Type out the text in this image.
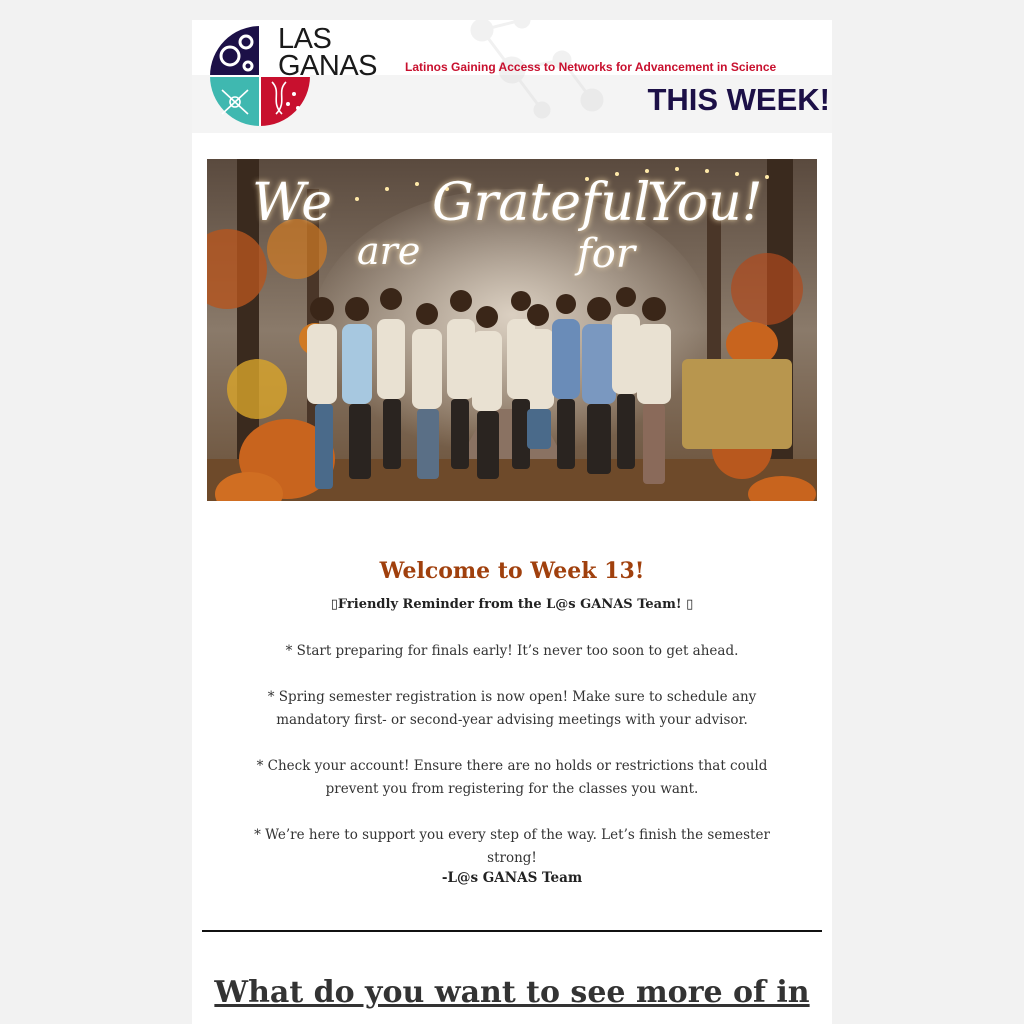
LAS
GANAS Latinos Gaining Access to Networks for Advancement in Science
THIS WEEK!
We
are
Grateful
for
You!
Welcome to Week 13!
▯Friendly Reminder from the L@s GANAS Team! ▯
* Start preparing for finals early! It’s never too soon to get ahead.
* Spring semester registration is now open! Make sure to schedule any mandatory first- or second-year advising meetings with your advisor.
* Check your account! Ensure there are no holds or restrictions that could prevent you from registering for the classes you want.
* We’re here to support you every step of the way. Let’s finish the semester strong!
-L@s GANAS Team
What do you want to see more of in
